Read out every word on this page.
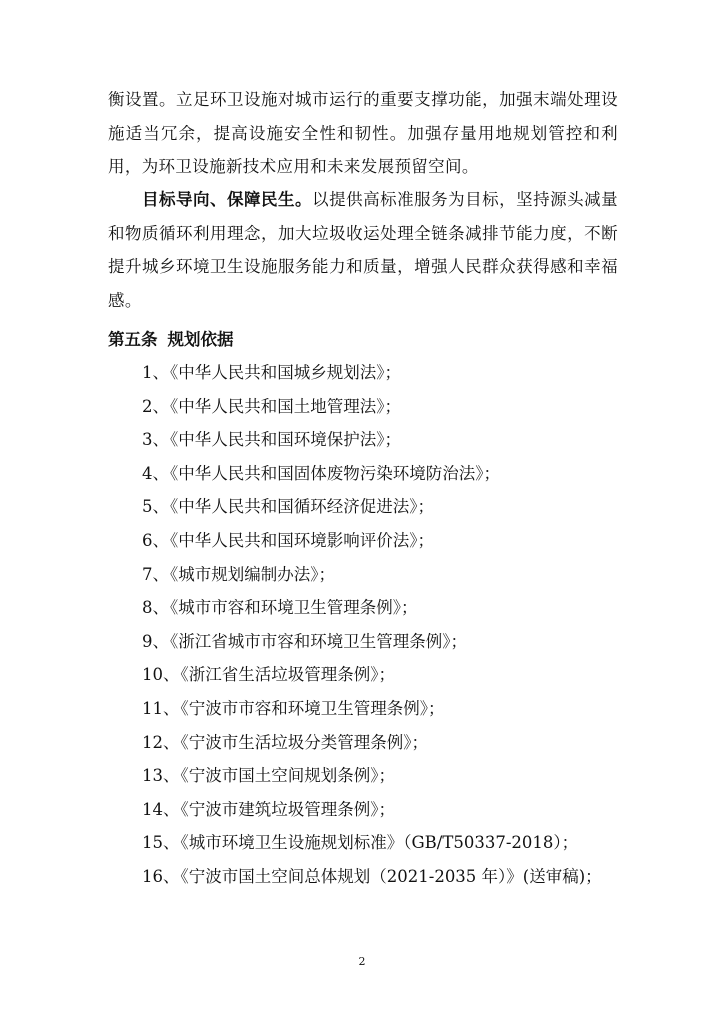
衡设置。立足环卫设施对城市运行的重要支撑功能，加强末端处理设施适当冗余，提高设施安全性和韧性。加强存量用地规划管控和利用，为环卫设施新技术应用和未来发展预留空间。

目标导向、保障民生。以提供高标准服务为目标，坚持源头减量和物质循环利用理念，加大垃圾收运处理全链条减排节能力度，不断提升城乡环境卫生设施服务能力和质量，增强人民群众获得感和幸福感。

第五条 规划依据
1、《中华人民共和国城乡规划法》；
2、《中华人民共和国土地管理法》；
3、《中华人民共和国环境保护法》；
4、《中华人民共和国固体废物污染环境防治法》；
5、《中华人民共和国循环经济促进法》；
6、《中华人民共和国环境影响评价法》；
7、《城市规划编制办法》；
8、《城市市容和环境卫生管理条例》；
9、《浙江省城市市容和环境卫生管理条例》；
10、《浙江省生活垃圾管理条例》；
11、《宁波市市容和环境卫生管理条例》；
12、《宁波市生活垃圾分类管理条例》；
13、《宁波市国土空间规划条例》；
14、《宁波市建筑垃圾管理条例》；
15、《城市环境卫生设施规划标准》（GB/T50337-2018）；
16、《宁波市国土空间总体规划（2021-2035 年）》(送审稿)；
2
